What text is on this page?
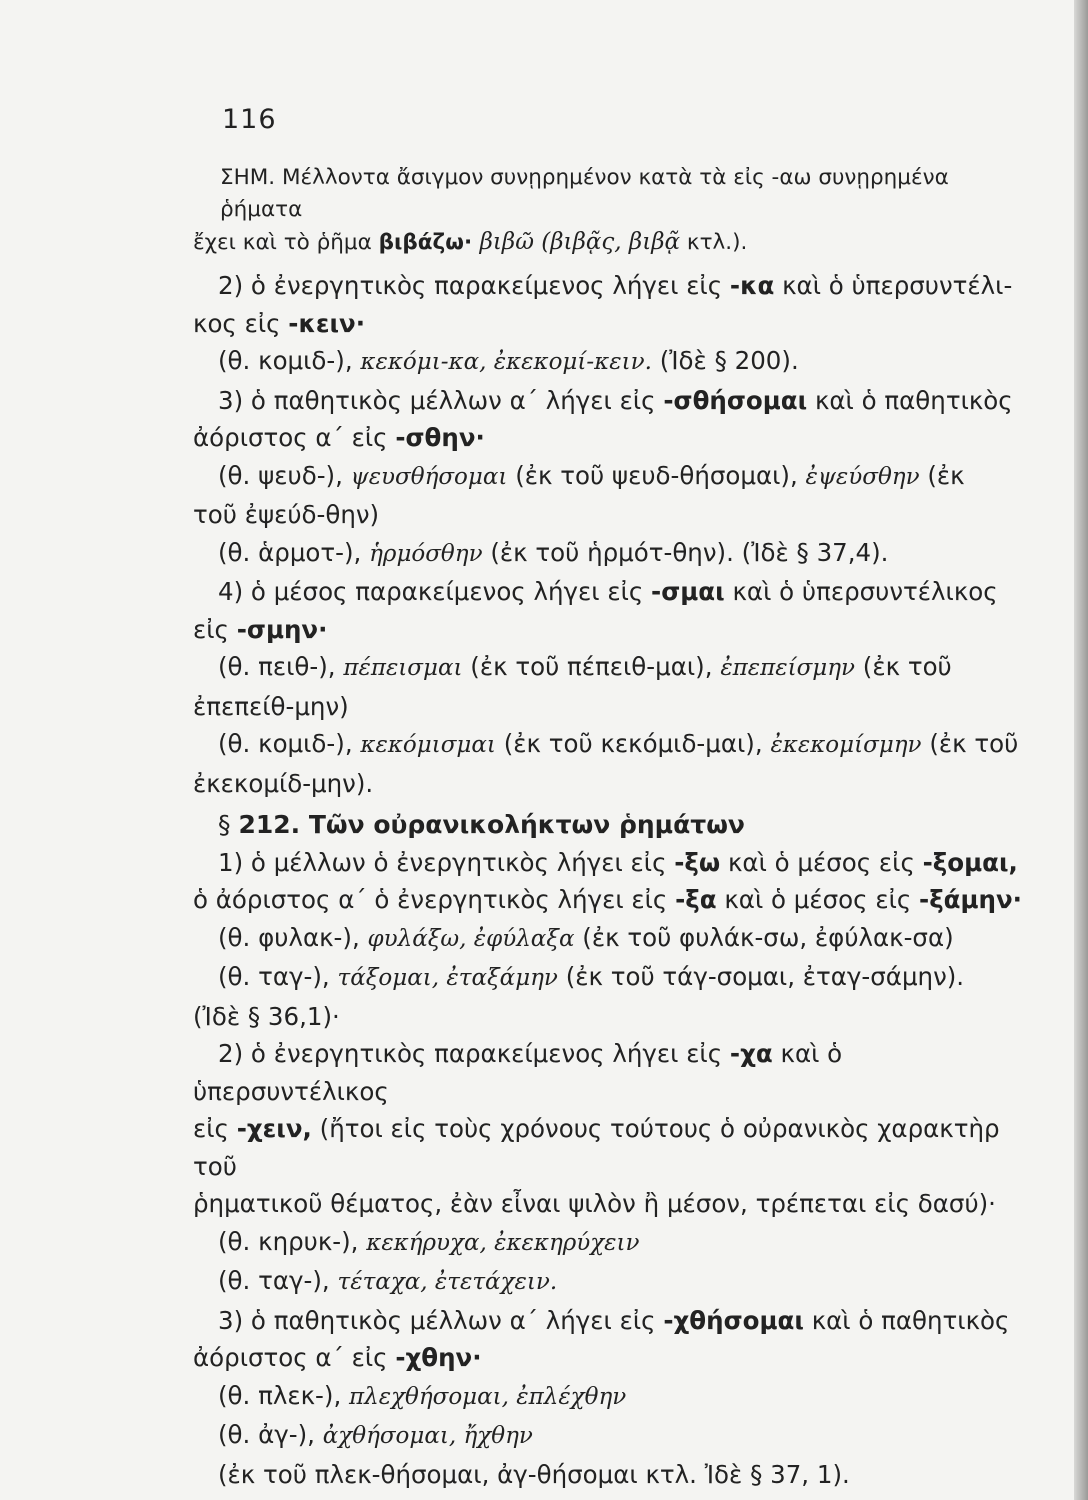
116

ΣΗΜ. Μέλλοντα ἄσιγμον συνῃρημένον κατὰ τὰ εἰς -αω συνῃρημένα ῥήματα

ἔχει καὶ τὸ ῥῆμα βιβάζω· βιβῶ (βιβᾷς, βιβᾷ κτλ.).

2) ὁ ἐνεργητικὸς παρακείμενος λήγει εἰς -κα καὶ ὁ ὑπερσυντέλι-

κος εἰς -κειν·

(θ. κομιδ-), κεκόμι-κα, ἐκεκομί-κειν. (Ἰδὲ § 200).

3) ὁ παθητικὸς μέλλων α΄ λήγει εἰς -σθήσομαι καὶ ὁ παθητικὸς

ἀόριστος α΄ εἰς -σθην·

(θ. ψευδ-), ψευσθήσομαι (ἐκ τοῦ ψευδ-θήσομαι), ἐψεύσθην (ἐκ

τοῦ ἐψεύδ-θην)

(θ. ἁρμοτ-), ἡρμόσθην (ἐκ τοῦ ἡρμότ-θην). (Ἰδὲ § 37,4).

4) ὁ μέσος παρακείμενος λήγει εἰς -σμαι καὶ ὁ ὑπερσυντέλικος

εἰς -σμην·

(θ. πειθ-), πέπεισμαι (ἐκ τοῦ πέπειθ-μαι), ἐπεπείσμην (ἐκ τοῦ

ἐπεπείθ-μην)

(θ. κομιδ-), κεκόμισμαι (ἐκ τοῦ κεκόμιδ-μαι), ἐκεκομίσμην (ἐκ τοῦ

ἐκεκομίδ-μην).

§ 212. Τῶν οὐρανικολήκτων ῥημάτων

1) ὁ μέλλων ὁ ἐνεργητικὸς λήγει εἰς -ξω καὶ ὁ μέσος εἰς -ξομαι,

ὁ ἀόριστος α΄ ὁ ἐνεργητικὸς λήγει εἰς -ξα καὶ ὁ μέσος εἰς -ξάμην·

(θ. φυλακ-), φυλάξω, ἐφύλαξα (ἐκ τοῦ φυλάκ-σω, ἐφύλακ-σα)

(θ. ταγ-), τάξομαι, ἐταξάμην (ἐκ τοῦ τάγ-σομαι, ἐταγ-σάμην).

(Ἰδὲ § 36,1)·

2) ὁ ἐνεργητικὸς παρακείμενος λήγει εἰς -χα καὶ ὁ ὑπερσυντέλικος

εἰς -χειν, (ἤτοι εἰς τοὺς χρόνους τούτους ὁ οὐρανικὸς χαρακτὴρ τοῦ

ῥηματικοῦ θέματος, ἐὰν εἶναι ψιλὸν ἢ μέσον, τρέπεται εἰς δασύ)·

(θ. κηρυκ-), κεκήρυχα, ἐκεκηρύχειν

(θ. ταγ-), τέταχα, ἐτετάχειν.

3) ὁ παθητικὸς μέλλων α΄ λήγει εἰς -χθήσομαι καὶ ὁ παθητικὸς

ἀόριστος α΄ εἰς -χθην·

(θ. πλεκ-), πλεχθήσομαι, ἐπλέχθην

(θ. ἀγ-), ἀχθήσομαι, ἤχθην

(ἐκ τοῦ πλεκ-θήσομαι, ἀγ-θήσομαι κτλ. Ἰδὲ § 37, 1).
